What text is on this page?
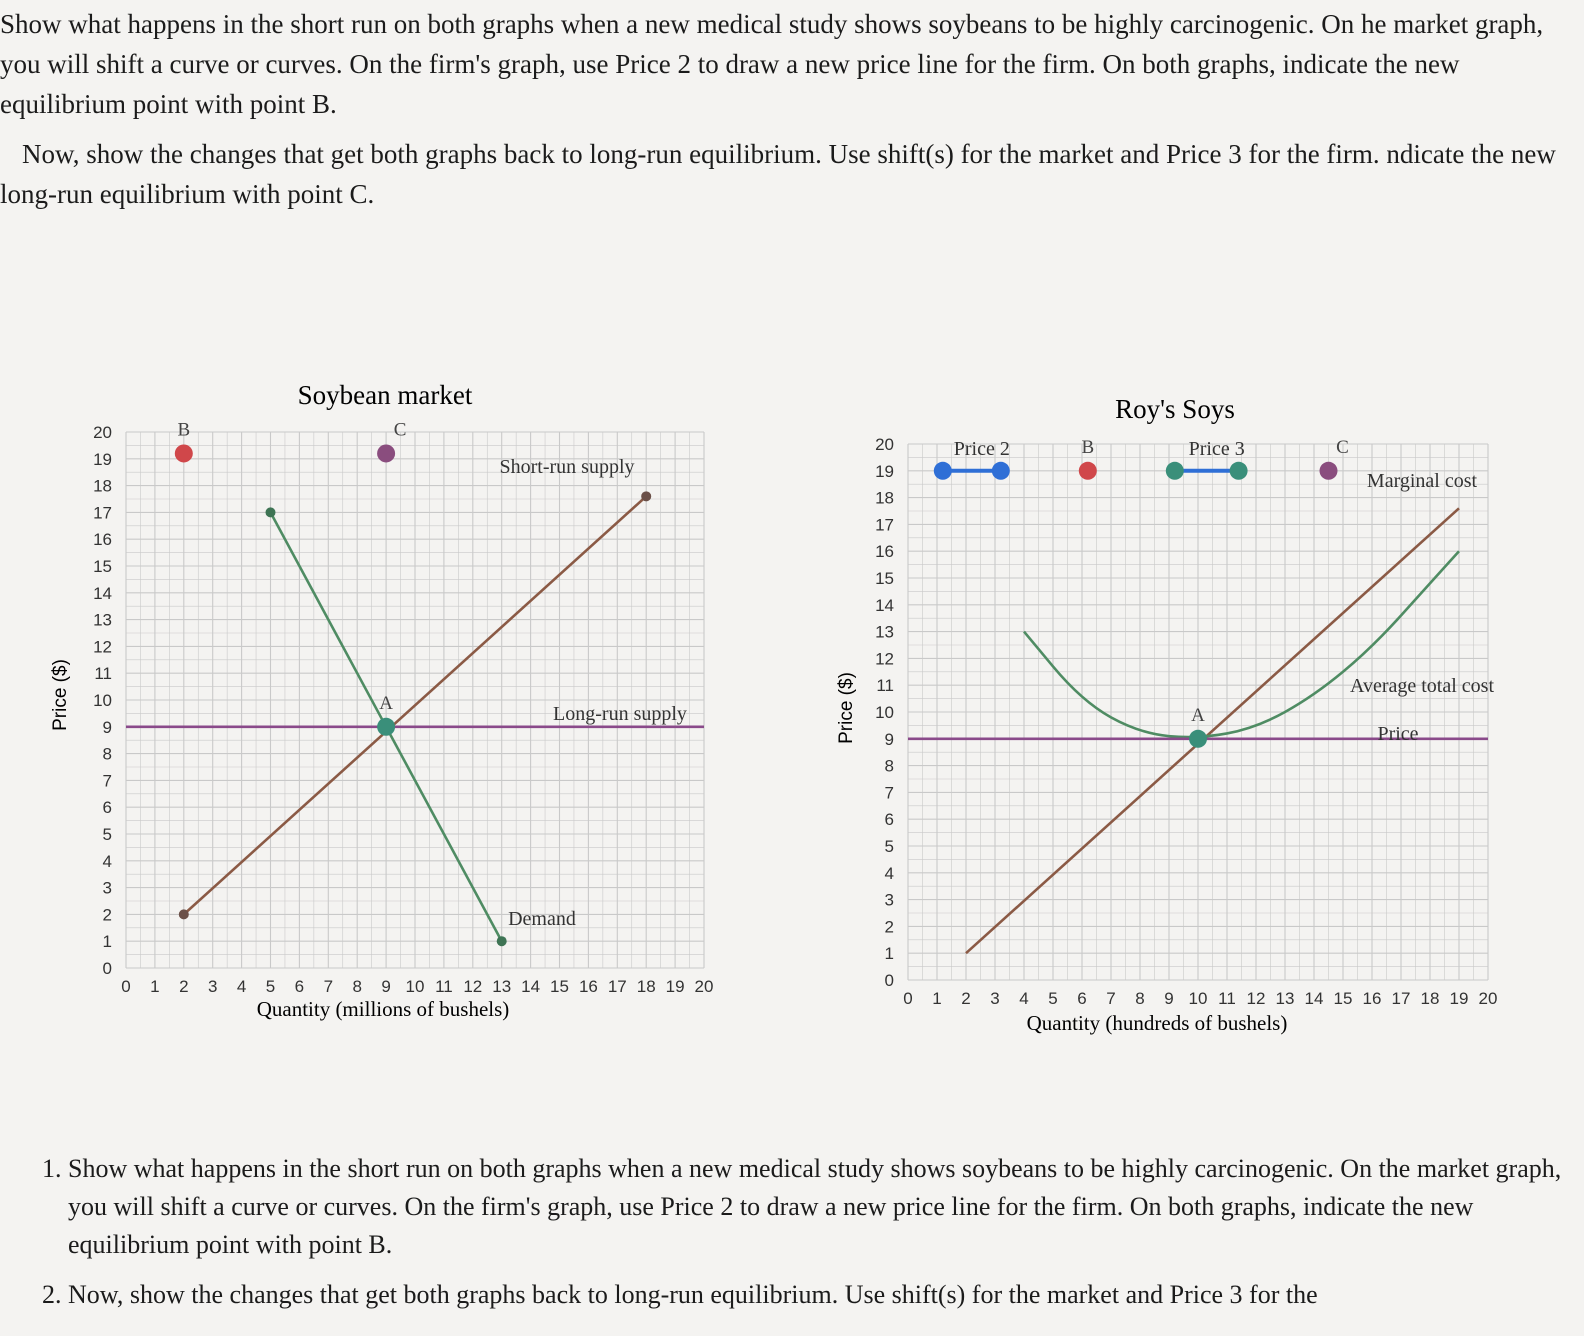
Show what happens in the short run on both graphs when a new medical study shows soybeans to be highly carcinogenic. On he market graph, you will shift a curve or curves. On the firm's graph, use Price 2 to draw a new price line for the firm. On both graphs, indicate the new equilibrium point with point B.

Now, show the changes that get both graphs back to long-run equilibrium. Use shift(s) for the market and Price 3 for the firm. ndicate the new long-run equilibrium with point C.

Soybean market
Price ($)
Quantity (millions of bushels)
0
0
1
1
2
2
3
3
4
4
5
5
6
6
7
7
8
8
9
9
10
10
11
11
12
12
13
13
14
14
15
15
16
16
17
17
18
18
19
19
20
20
Short-run supply
Demand
Long-run supply
A
B	C
Roy's Soys
Price ($)
Quantity (hundreds of bushels)
0
0
1
1
2
2
3
3
4
4
5
5
6
6
7
7
8
8
9
9
10
10
11
11
12
12
13
13
14
14
15
15
16
16
17
17
18
18
19
19
20
20
Marginal cost
Average total cost
Price
A
B	C
Price 2	Price 3
1. Show what happens in the short run on both graphs when a new medical study shows soybeans to be highly carcinogenic. On the market graph, you will shift a curve or curves. On the firm's graph, use Price 2 to draw a new price line for the firm. On both graphs, indicate the new equilibrium point with point B.
2. Now, show the changes that get both graphs back to long-run equilibrium. Use shift(s) for the market and Price 3 for the
